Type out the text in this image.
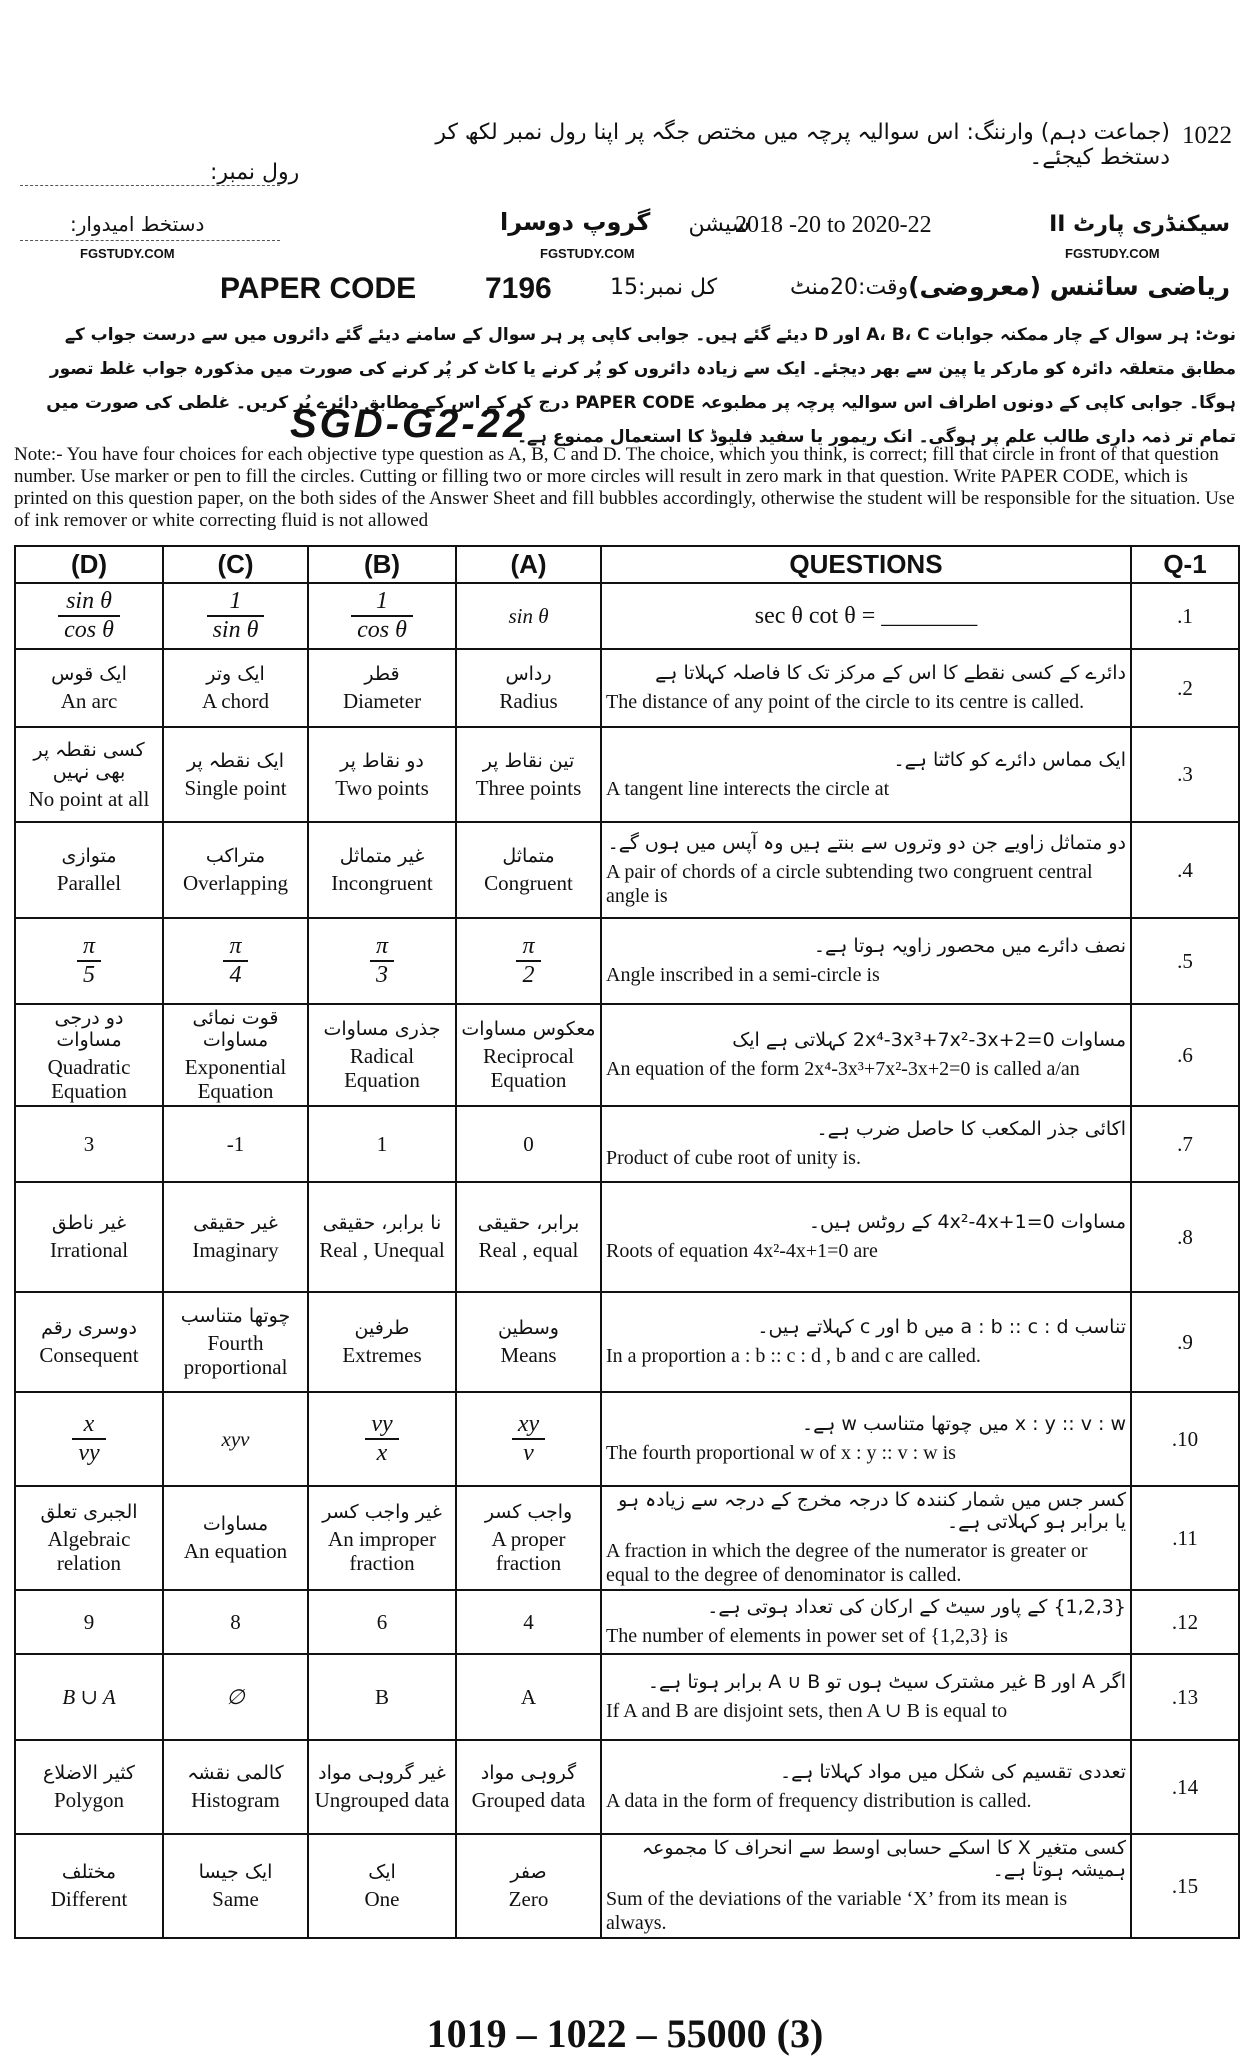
1022
(جماعت دہم) وارننگ: اس سوالیہ پرچہ میں مختص جگہ پر اپنا رول نمبر لکھ کر دستخط کیجئے۔
رول نمبر:
سیکنڈری پارٹ II
سیشن
2018 -20 to 2020-22
گروپ دوسرا
دستخط امیدوار:
FGSTUDY.COM	FGSTUDY.COM	FGSTUDY.COM
ریاضی سائنس (معروضی)
وقت:20منٹ
کل نمبر:15
PAPER CODE 7196
نوٹ: ہر سوال کے چار ممکنہ جوابات A، B، C اور D دیئے گئے ہیں۔ جوابی کاپی پر ہر سوال کے سامنے دیئے گئے دائروں میں سے درست جواب کے مطابق متعلقہ دائرہ کو مارکر یا پین سے بھر دیجئے۔ ایک سے زیادہ دائروں کو پُر کرنے یا کاٹ کر پُر کرنے کی صورت میں مذکورہ جواب غلط تصور ہوگا۔ جوابی کاپی کے دونوں اطراف اس سوالیہ پرچہ پر مطبوعہ PAPER CODE درج کر کے اس کے مطابق دائرے پُر کریں۔ غلطی کی صورت میں تمام تر ذمہ داری طالب علم پر ہوگی۔ انک ریمور یا سفید فلیوڈ کا استعمال ممنوع ہے۔
SGD-G2-22
Note:- You have four choices for each objective type question as A, B, C and D. The choice, which you think, is correct; fill that circle in front of that question number. Use marker or pen to fill the circles. Cutting or filling two or more circles will result in zero mark in that question. Write PAPER CODE, which is printed on this question paper, on the both sides of the Answer Sheet and fill bubbles accordingly, otherwise the student will be responsible for the situation. Use of ink remover or white correcting fluid is not allowed
(D)	(C)	(B)	(A)	QUESTIONS	Q-1

$\frac{\text{sin θ}}{\text{cos θ}}$	$\frac{1}{\text{sin θ}}$	$\frac{1}{\text{cos θ}}$	sin θ	sec θ cot θ = ________	.1

ایک قوس
An arc	ایک وتر
A chord	قطر
Diameter	رداس
Radius	دائرے کے کسی نقطے کا اس کے مرکز تک کا فاصلہ کہلاتا ہے
The distance of any point of the circle to its centre is called.	.2

کسی نقطہ پر بھی نہیں
No point at all	ایک نقطہ پر
Single point	دو نقاط پر
Two points	تین نقاط پر
Three points	ایک مماس دائرے کو کاٹتا ہے۔
A tangent line interects the circle at	.3

متوازی
Parallel	متراکب
Overlapping	غیر متماثل
Incongruent	متماثل
Congruent	دو متماثل زاویے جن دو وتروں سے بنتے ہیں وہ آپس میں ہوں گے۔
A pair of chords of a circle subtending two congruent central angle is	.4

$\frac{\pi}{5}$	$\frac{\pi}{4}$	$\frac{\pi}{3}$	$\frac{\pi}{2}$	نصف دائرے میں محصور زاویہ ہوتا ہے۔
Angle inscribed in a semi-circle is	.5

دو درجی مساوات
Quadratic Equation	قوت نمائی مساوات
Exponential Equation	جذری مساوات
Radical Equation	معکوس مساوات
Reciprocal Equation	مساوات 2x⁴-3x³+7x²-3x+2=0 کہلاتی ہے ایک
An equation of the form 2x⁴-3x³+7x²-3x+2=0 is called a/an	.6

3	-1	1	0	اکائی جذر المکعب کا حاصل ضرب ہے۔
Product of cube root of unity is.	.7

غیر ناطق
Irrational	غیر حقیقی
Imaginary	نا برابر، حقیقی
Real , Unequal	برابر، حقیقی
Real , equal	مساوات 4x²-4x+1=0 کے روٹس ہیں۔
Roots of equation 4x²-4x+1=0 are	.8

دوسری رقم
Consequent	چوتھا متناسب
Fourth proportional	طرفین
Extremes	وسطین
Means	تناسب a : b :: c : d میں b اور c کہلاتے ہیں۔
In a proportion a : b :: c : d , b and c are called.	.9

$\frac{x}{vy}$	xyv	$\frac{vy}{x}$	$\frac{xy}{v}$	x : y :: v : w میں چوتھا متناسب w ہے۔
The fourth proportional w of x : y :: v : w is	.10

الجبری تعلق
Algebraic relation	مساوات
An equation	غیر واجب کسر
An improper fraction	واجب کسر
A proper fraction	کسر جس میں شمار کنندہ کا درجہ مخرج کے درجہ سے زیادہ ہو یا برابر ہو کہلاتی ہے۔
A fraction in which the degree of the numerator is greater or equal to the degree of denominator is called.	.11

9	8	6	4	{1,2,3} کے پاور سیٹ کے ارکان کی تعداد ہوتی ہے۔
The number of elements in power set of {1,2,3} is	.12

B ∪ A	∅	B	A	اگر A اور B غیر مشترک سیٹ ہوں تو A ∪ B برابر ہوتا ہے۔
If A and B are disjoint sets, then A ∪ B is equal to	.13

کثیر الاضلاع
Polygon	کالمی نقشہ
Histogram	غیر گروہی مواد
Ungrouped data	گروہی مواد
Grouped data	تعددی تقسیم کی شکل میں مواد کہلاتا ہے۔
A data in the form of frequency distribution is called.	.14

مختلف
Different	ایک جیسا
Same	ایک
One	صفر
Zero	کسی متغیر X کا اسکے حسابی اوسط سے انحراف کا مجموعہ ہمیشہ ہوتا ہے۔
Sum of the deviations of the variable ‘X’ from its mean is always.	.15
1019 – 1022 – 55000 (3)
